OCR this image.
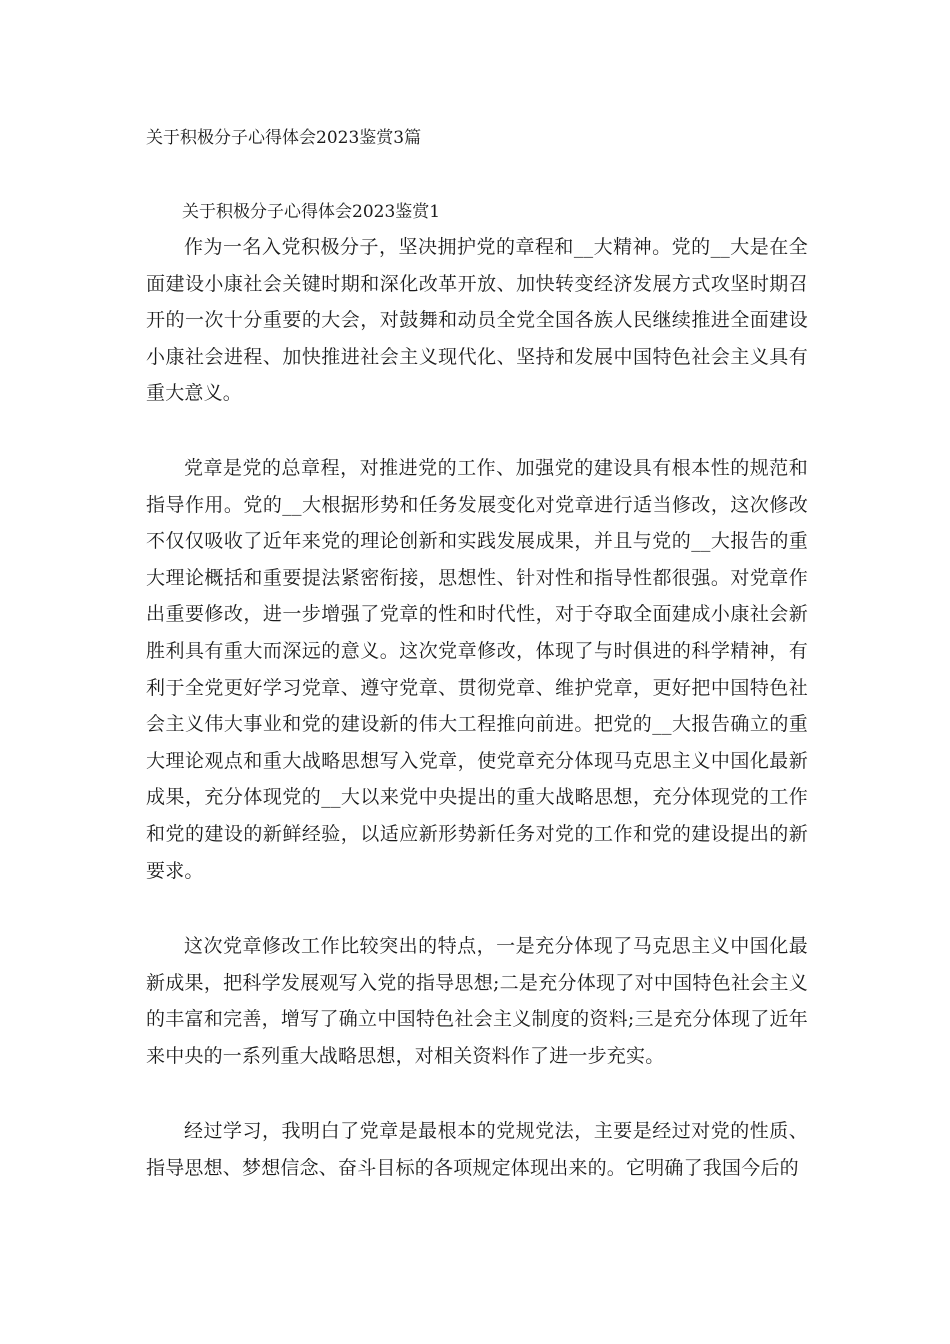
关于积极分子心得体会2023鉴赏3篇
关于积极分子心得体会2023鉴赏1

作为一名入党积极分子，坚决拥护党的章程和__大精神。党的__大是在全面建设小康社会关键时期和深化改革开放、加快转变经济发展方式攻坚时期召开的一次十分重要的大会，对鼓舞和动员全党全国各族人民继续推进全面建设小康社会进程、加快推进社会主义现代化、坚持和发展中国特色社会主义具有重大意义。

党章是党的总章程，对推进党的工作、加强党的建设具有根本性的规范和指导作用。党的__大根据形势和任务发展变化对党章进行适当修改，这次修改不仅仅吸收了近年来党的理论创新和实践发展成果，并且与党的__大报告的重大理论概括和重要提法紧密衔接，思想性、针对性和指导性都很强。对党章作出重要修改，进一步增强了党章的性和时代性，对于夺取全面建成小康社会新胜利具有重大而深远的意义。这次党章修改，体现了与时俱进的科学精神，有利于全党更好学习党章、遵守党章、贯彻党章、维护党章，更好把中国特色社会主义伟大事业和党的建设新的伟大工程推向前进。把党的__大报告确立的重大理论观点和重大战略思想写入党章，使党章充分体现马克思主义中国化最新成果，充分体现党的__大以来党中央提出的重大战略思想，充分体现党的工作和党的建设的新鲜经验，以适应新形势新任务对党的工作和党的建设提出的新要求。

这次党章修改工作比较突出的特点，一是充分体现了马克思主义中国化最新成果，把科学发展观写入党的指导思想;二是充分体现了对中国特色社会主义的丰富和完善，增写了确立中国特色社会主义制度的资料;三是充分体现了近年来中央的一系列重大战略思想，对相关资料作了进一步充实。

经过学习，我明白了党章是最根本的党规党法，主要是经过对党的性质、指导思想、梦想信念、奋斗目标的各项规定体现出来的。它明确了我国今后的
